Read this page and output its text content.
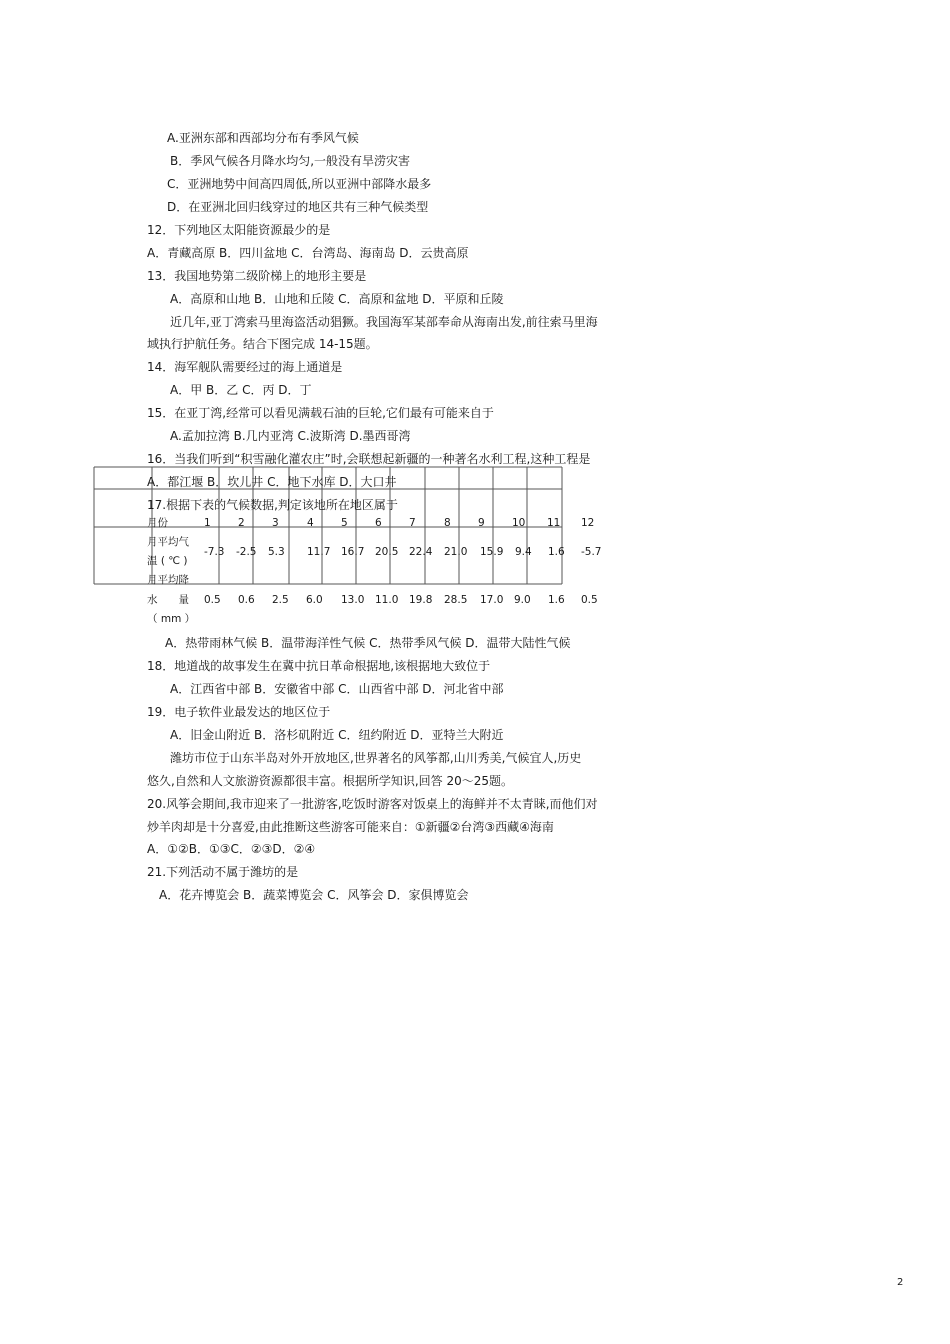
A.亚洲东部和西部均分布有季风气候
B．季风气候各月降水均匀,一般没有旱涝灾害
C．亚洲地势中间高四周低,所以亚洲中部降水最多
D．在亚洲北回归线穿过的地区共有三种气候类型
12．下列地区太阳能资源最少的是
A．青藏高原 B．四川盆地 C．台湾岛、海南岛 D．云贵高原
13．我国地势第二级阶梯上的地形主要是
A．高原和山地 B．山地和丘陵 C．高原和盆地 D．平原和丘陵
近几年,亚丁湾索马里海盗活动猖獗。我国海军某部奉命从海南出发,前往索马里海
域执行护航任务。结合下图完成 14-15题。
14．海军舰队需要经过的海上通道是
A．甲 B．乙 C．丙 D．丁
15．在亚丁湾,经常可以看见满载石油的巨轮,它们最有可能来自于
A.孟加拉湾 B.几内亚湾 C.波斯湾 D.墨西哥湾
16．当我们听到“积雪融化灌农庄”时,会联想起新疆的一种著名水利工程,这种工程是
A．都江堰 B．坎儿井 C．地下水库 D．大口井
17.根据下表的气候数据,判定该地所在地区属于
月份	1	2	3	4	5	6	7	8	9	10 11 12
月平均气
温 ( ℃ )
-7.3 -2.5 5.3 11.7 16.7 20.5 22.4 21.0 15.9 9.4 1.6 -5.7
月平均降
水　　量
（ mm ）
0.5 0.6 2.5 6.0 13.0 11.0 19.8 28.5 17.0 9.0 1.6 0.5
A．热带雨林气候 B．温带海洋性气候 C．热带季风气候 D．温带大陆性气候
18．地道战的故事发生在冀中抗日革命根据地,该根据地大致位于
A．江西省中部 B．安徽省中部 C．山西省中部 D．河北省中部
19．电子软件业最发达的地区位于
A．旧金山附近 B．洛杉矶附近 C．纽约附近 D．亚特兰大附近
潍坊市位于山东半岛对外开放地区,世界著名的风筝都,山川秀美,气候宜人,历史
悠久,自然和人文旅游资源都很丰富。根据所学知识,回答 20～25题。
20.风筝会期间,我市迎来了一批游客,吃饭时游客对饭桌上的海鲜并不太青睐,而他们对
炒羊肉却是十分喜爱,由此推断这些游客可能来自：①新疆②台湾③西藏④海南
A．①②B．①③C．②③D．②④
21.下列活动不属于潍坊的是
A．花卉博览会 B．蔬菜博览会 C．风筝会 D．家俱博览会
2
